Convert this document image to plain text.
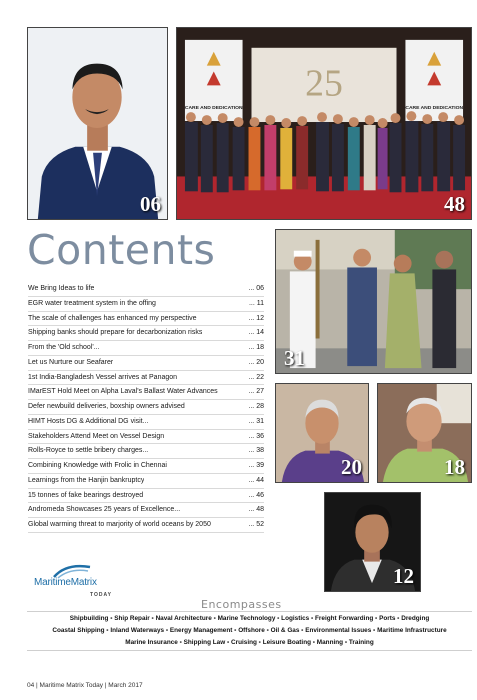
06
25
CARE AND DEDICATION	CARE AND DEDICATION
48
Contents
We Bring Ideas to life	... 06
EGR water treatment system in the offing	... 11
The scale of challenges has enhanced my perspective	... 12
Shipping banks should prepare for decarbonization risks	... 14
From the 'Old school'...	... 18
Let us Nurture our Seafarer	... 20
1st India-Bangladesh Vessel arrives at Panagon	... 22
IMarEST Hold Meet on Alpha Laval's Ballast Water Advances	... 27
Defer newbuild deliveries, boxship owners advised	... 28
HIMT Hosts DG & Additional DG visit...	... 31
Stakeholders Attend Meet on Vessel Design	... 36
Rolls-Royce to settle bribery charges...	... 38
Combining Knowledge with Frolic in Chennai	... 39
Learnings from the Hanjin bankruptcy	... 44
15 tonnes of fake bearings destroyed	... 46
Andromeda Showcases 25 years of Excellence...	... 48
Global warming threat to marjority of world oceans by 2050	... 52
31
20	18
12
MaritimeMatrix
TODAY
Encompasses
Shipbuilding • Ship Repair • Naval Architecture • Marine Technology • Logistics • Freight Forwarding • Ports • Dredging
Coastal Shipping • Inland Waterways • Energy Management • Offshore • Oil & Gas • Environmental Issues • Maritime Infrastructure
Marine Insurance • Shipping Law • Cruising • Leisure Boating • Manning • Training
04 | Maritime Matrix Today | March 2017
